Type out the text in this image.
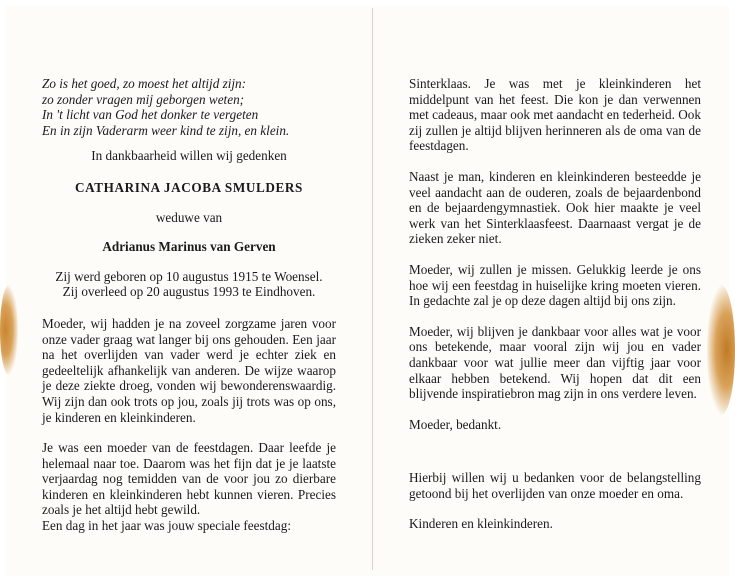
Zo is het goed, zo moest het altijd zijn:
zo zonder vragen mij geborgen weten;
In 't licht van God het donker te vergeten
En in zijn Vaderarm weer kind te zijn, en klein.
In dankbaarheid willen wij gedenken
CATHARINA JACOBA SMULDERS
weduwe van
Adrianus Marinus van Gerven
Zij werd geboren op 10 augustus 1915 te Woensel.
Zij overleed op 20 augustus 1993 te Eindhoven.
Moeder, wij hadden je na zoveel zorgzame jaren voor onze vader graag wat langer bij ons gehouden. Een jaar na het overlijden van vader werd je echter ziek en gedeeltelijk afhankelijk van anderen. De wijze waarop je deze ziekte droeg, vonden wij bewonderenswaardig. Wij zijn dan ook trots op jou, zoals jij trots was op ons, je kinderen en kleinkinderen.
Je was een moeder van de feestdagen. Daar leefde je helemaal naar toe. Daarom was het fijn dat je je laatste verjaardag nog temidden van de voor jou zo dierbare kinderen en kleinkinderen hebt kunnen vieren. Precies zoals je het altijd hebt gewild.
Een dag in het jaar was jouw speciale feestdag:
Sinterklaas. Je was met je kleinkinderen het middelpunt van het feest. Die kon je dan verwennen met cadeaus, maar ook met aandacht en tederheid. Ook zij zullen je altijd blijven herinneren als de oma van de feestdagen.
Naast je man, kinderen en kleinkinderen besteedde je veel aandacht aan de ouderen, zoals de bejaardenbond en de bejaardengymnastiek. Ook hier maakte je veel werk van het Sinterklaasfeest. Daarnaast vergat je de zieken zeker niet.
Moeder, wij zullen je missen. Gelukkig leerde je ons hoe wij een feestdag in huiselijke kring moeten vieren. In gedachte zal je op deze dagen altijd bij ons zijn.
Moeder, wij blijven je dankbaar voor alles wat je voor ons betekende, maar vooral zijn wij jou en vader dankbaar voor wat jullie meer dan vijftig jaar voor elkaar hebben betekend. Wij hopen dat dit een blijvende inspiratiebron mag zijn in ons verdere leven.
Moeder, bedankt.
Hierbij willen wij u bedanken voor de belangstelling getoond bij het overlijden van onze moeder en oma.
Kinderen en kleinkinderen.
